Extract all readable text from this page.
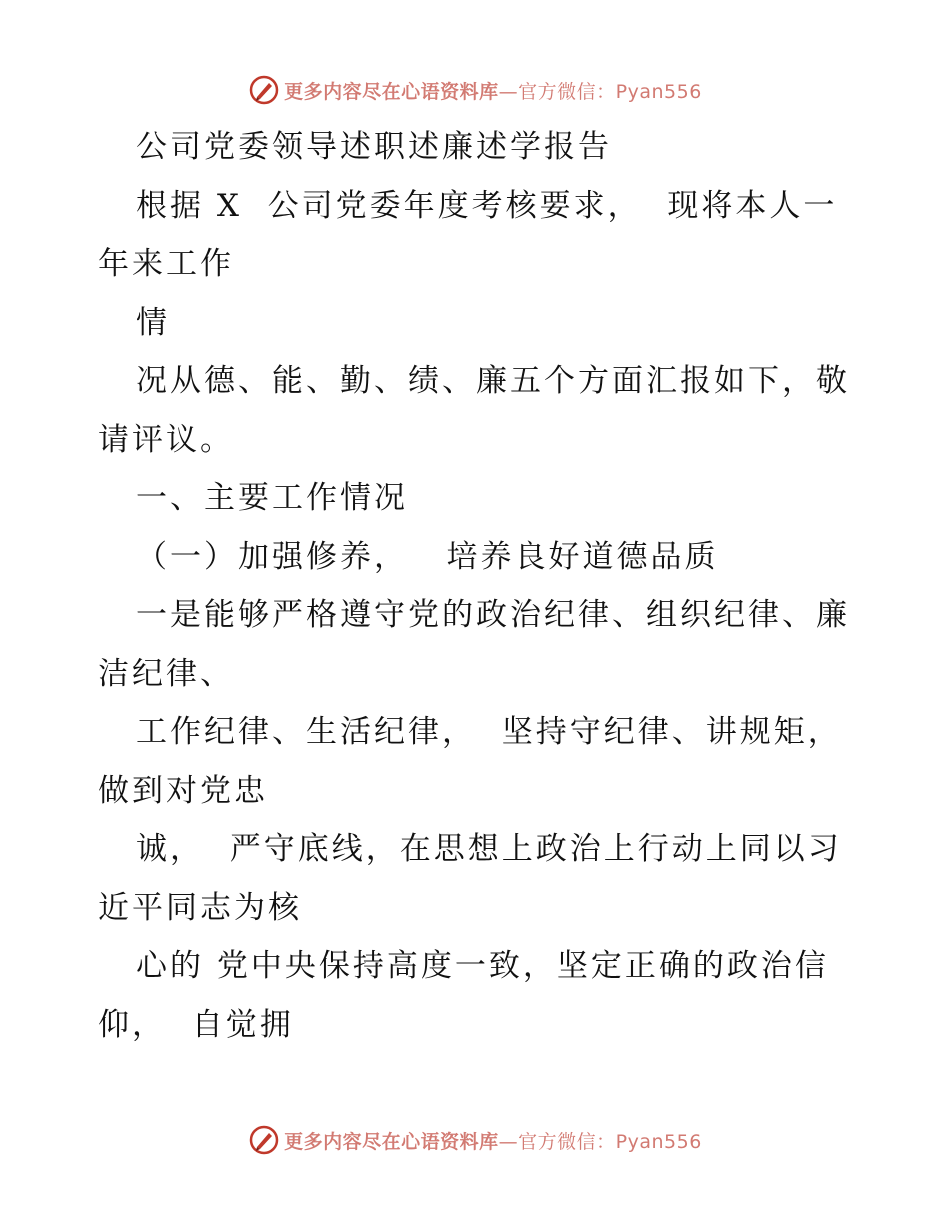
更多内容尽在心语资料库—官方微信：Pyan556
公司党委领导述职述廉述学报告
根据 X  公司党委年度考核要求，  现将本人一
年来工作
情
况从德、能、勤、绩、廉五个方面汇报如下，敬
请评议。
一、主要工作情况
（一）加强修养，   培养良好道德品质
一是能够严格遵守党的政治纪律、组织纪律、廉
洁纪律、
工作纪律、生活纪律，  坚持守纪律、讲规矩，
做到对党忠
诚，  严守底线，在思想上政治上行动上同以习
近平同志为核
心的 党中央保持高度一致，坚定正确的政治信
仰，  自觉拥
更多内容尽在心语资料库—官方微信：Pyan556
